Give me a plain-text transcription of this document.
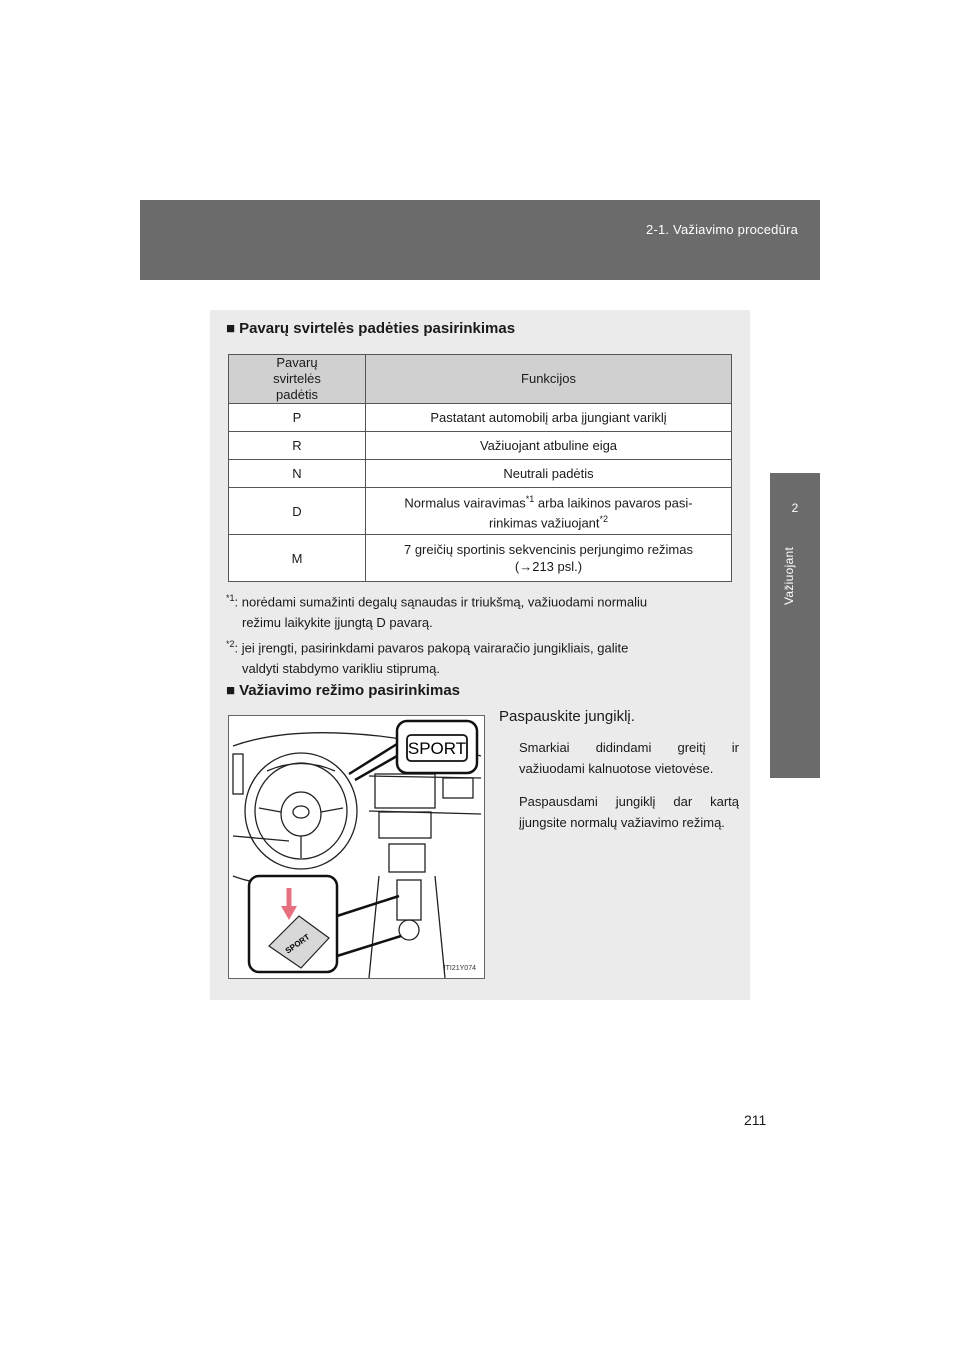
2-1. Važiavimo procedūra
2
Važiuojant
■ Pavarų svirtelės padėties pasirinkimas
Pavarų svirtelės padėtis	Funkcijos
P	Pastatant automobilį arba įjungiant variklį
R	Važiuojant atbuline eiga
N	Neutrali padėtis
D	Normalus vairavimas$^{*1}$ arba laikinos pavaros pasi-
rinkimas važiuojant$^{*2}$
M	7 greičių sportinis sekvencinis perjungimo režimas
(→213 psl.)
$^{*1}$: norėdami sumažinti degalų sąnaudas ir triukšmą, važiuodami normaliu
režimu laikykite įjungtą D pavarą.
$^{*2}$: jei įrengti, pasirinkdami pavaros pakopą vairaračio jungikliais, galite
valdyti stabdymo varikliu stiprumą.
■ Važiavimo režimo pasirinkimas
SPORT
SPORT
ITI21Y074
Paspauskite jungiklį.

Smarkiai didindami greitį ir važiuodami kalnuotose vietovėse.

Paspausdami jungiklį dar kartą įjungsite normalų važiavimo režimą.

211
